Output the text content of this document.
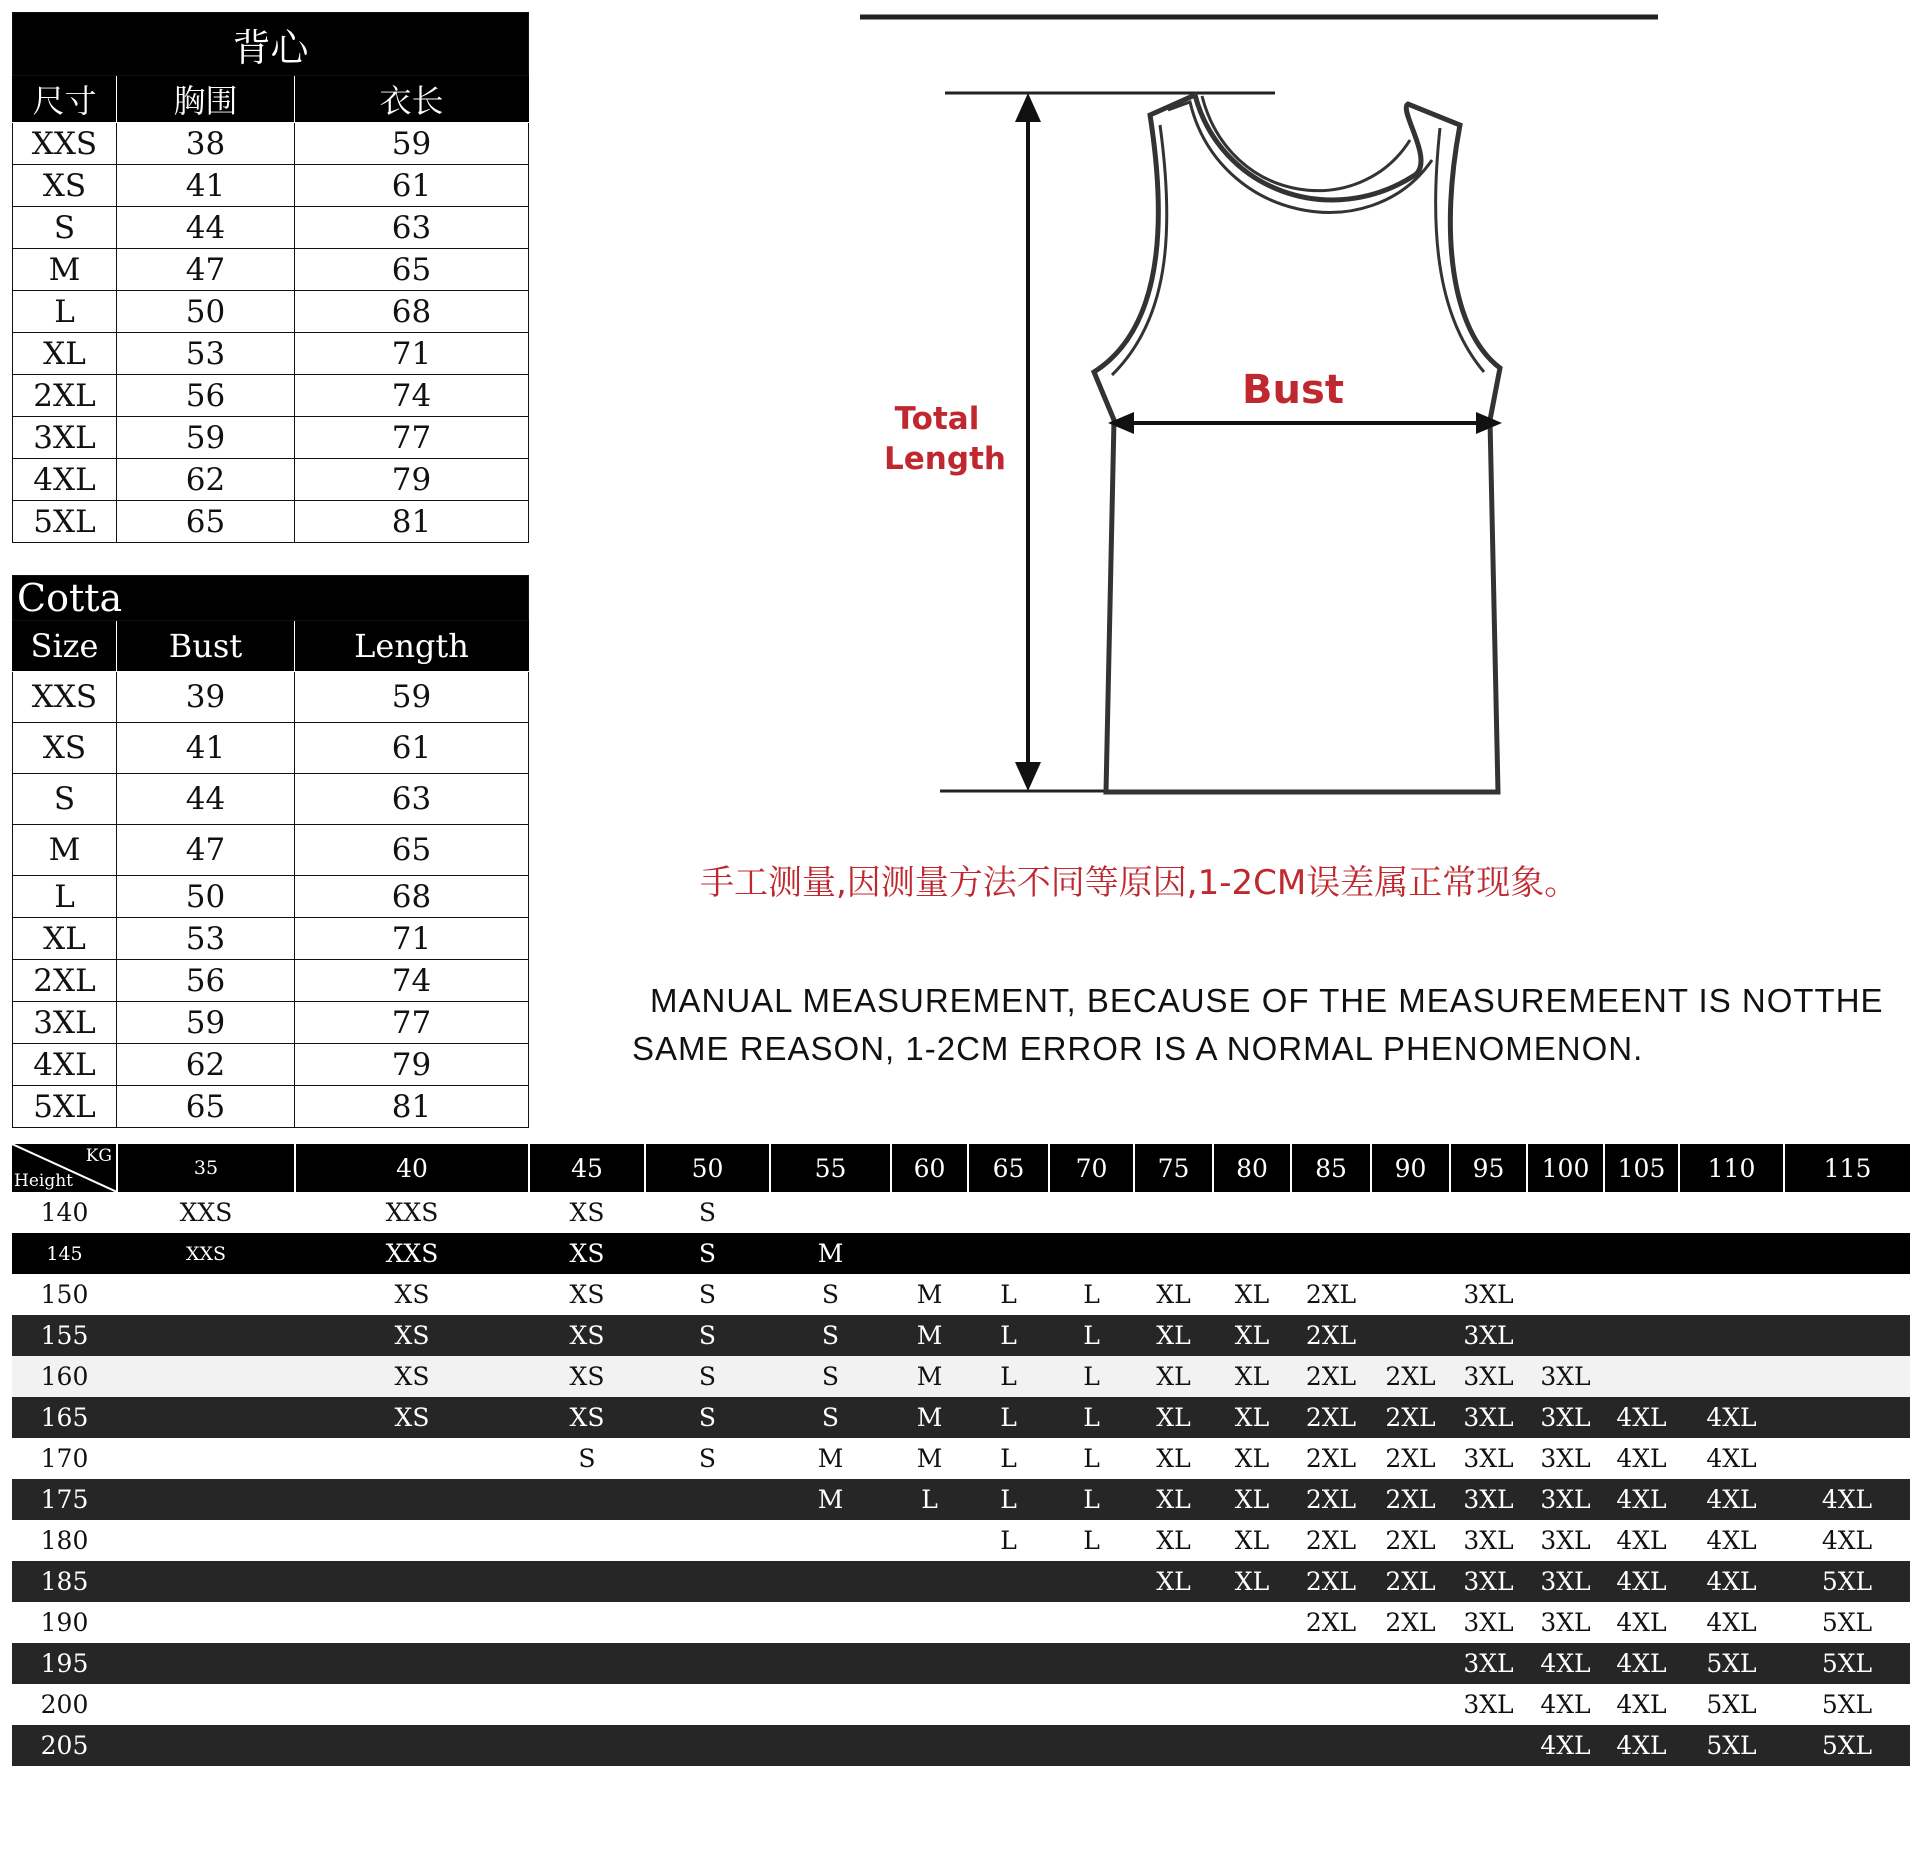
背心		
尺寸	胸围	衣长
XXS	38	59
XS	41	61
S	44	63
M	47	65
L	50	68
XL	53	71
2XL	56	74
3XL	59	77
4XL	62	79
5XL	65	81
Cotta		
Size	Bust	Length
XXS	39	59
XS	41	61
S	44	63
M	47	65
L	50	68
XL	53	71
2XL	56	74
3XL	59	77
4XL	62	79
5XL	65	81
Bust
Total
Length
手工测量,因测量方法不同等原因,1-2CM误差属正常现象。
MANUAL MEASUREMENT, BECAUSE OF THE MEASUREMEENT IS NOTTHE
SAME REASON, 1-2CM ERROR IS A NORMAL PHENOMENON.
KG
Height	35	40	45	50	55	60	65	70	75	80	85	90	95	100	105	110	115
140	XXS	XXS	XS	S													
145	XXS	XXS	XS	S	M												
150		XS	XS	S	S	M	L	L	XL	XL	2XL		3XL				
155		XS	XS	S	S	M	L	L	XL	XL	2XL		3XL				
160		XS	XS	S	S	M	L	L	XL	XL	2XL	2XL	3XL	3XL			
165		XS	XS	S	S	M	L	L	XL	XL	2XL	2XL	3XL	3XL	4XL	4XL	
170			S	S	M	M	L	L	XL	XL	2XL	2XL	3XL	3XL	4XL	4XL	
175					M	L	L	L	XL	XL	2XL	2XL	3XL	3XL	4XL	4XL	4XL
180							L	L	XL	XL	2XL	2XL	3XL	3XL	4XL	4XL	4XL
185									XL	XL	2XL	2XL	3XL	3XL	4XL	4XL	5XL
190											2XL	2XL	3XL	3XL	4XL	4XL	5XL
195													3XL	4XL	4XL	5XL	5XL
200													3XL	4XL	4XL	5XL	5XL
205														4XL	4XL	5XL	5XL
